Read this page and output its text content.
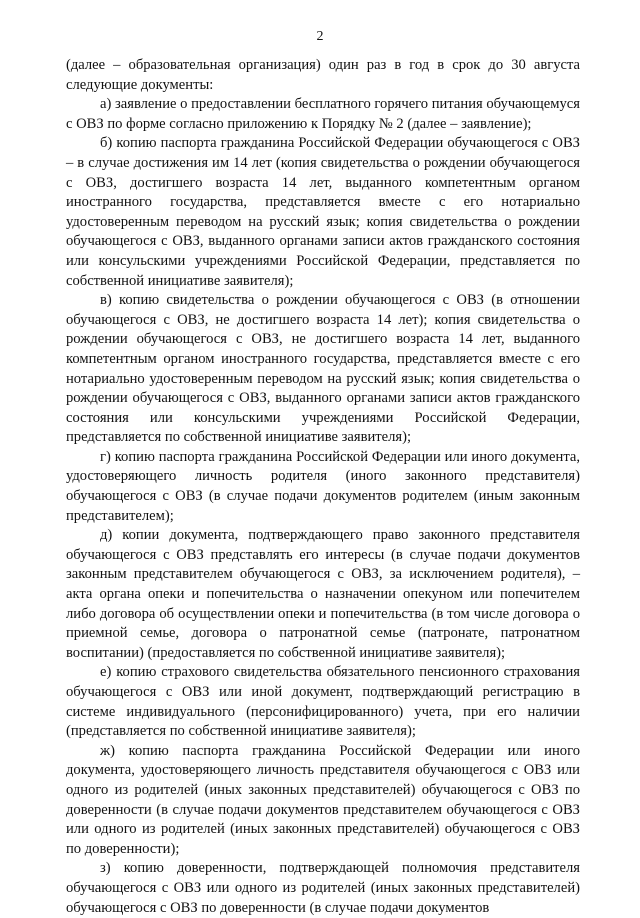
2

(далее – образовательная организация) один раз в год в срок до 30 августа следующие документы:

а) заявление о предоставлении бесплатного горячего питания обучающемуся с ОВЗ по форме согласно приложению к Порядку № 2 (далее – заявление);

б) копию паспорта гражданина Российской Федерации обучающегося с ОВЗ – в случае достижения им 14 лет (копия свидетельства о рождении обучающегося с ОВЗ, достигшего возраста 14 лет, выданного компетентным органом иностранного государства, представляется вместе с его нотариально удостоверенным переводом на русский язык; копия свидетельства о рождении обучающегося с ОВЗ, выданного органами записи актов гражданского состояния или консульскими учреждениями Российской Федерации, представляется по собственной инициативе заявителя);

в) копию свидетельства о рождении обучающегося с ОВЗ (в отношении обучающегося с ОВЗ, не достигшего возраста 14 лет); копия свидетельства о рождении обучающегося с ОВЗ, не достигшего возраста 14 лет, выданного компетентным органом иностранного государства, представляется вместе с его нотариально удостоверенным переводом на русский язык; копия свидетельства о рождении обучающегося с ОВЗ, выданного органами записи актов гражданского состояния или консульскими учреждениями Российской Федерации, представляется по собственной инициативе заявителя);

г) копию паспорта гражданина Российской Федерации или иного документа, удостоверяющего личность родителя (иного законного представителя) обучающегося с ОВЗ (в случае подачи документов родителем (иным законным представителем);

д) копии документа, подтверждающего право законного представителя обучающегося с ОВЗ представлять его интересы (в случае подачи документов законным представителем обучающегося с ОВЗ, за исключением родителя), – акта органа опеки и попечительства о назначении опекуном или попечителем либо договора об осуществлении опеки и попечительства (в том числе договора о приемной семье, договора о патронатной семье (патронате, патронатном воспитании) (предоставляется по собственной инициативе заявителя);

е) копию страхового свидетельства обязательного пенсионного страхования обучающегося с ОВЗ или иной документ, подтверждающий регистрацию в системе индивидуального (персонифицированного) учета, при его наличии (представляется по собственной инициативе заявителя);

ж) копию паспорта гражданина Российской Федерации или иного документа, удостоверяющего личность представителя обучающегося с ОВЗ или одного из родителей (иных законных представителей) обучающегося с ОВЗ по доверенности (в случае подачи документов представителем обучающегося с ОВЗ или одного из родителей (иных законных представителей) обучающегося с ОВЗ по доверенности);

з) копию доверенности, подтверждающей полномочия представителя обучающегося с ОВЗ или одного из родителей (иных законных представителей) обучающегося с ОВЗ по доверенности (в случае подачи документов
